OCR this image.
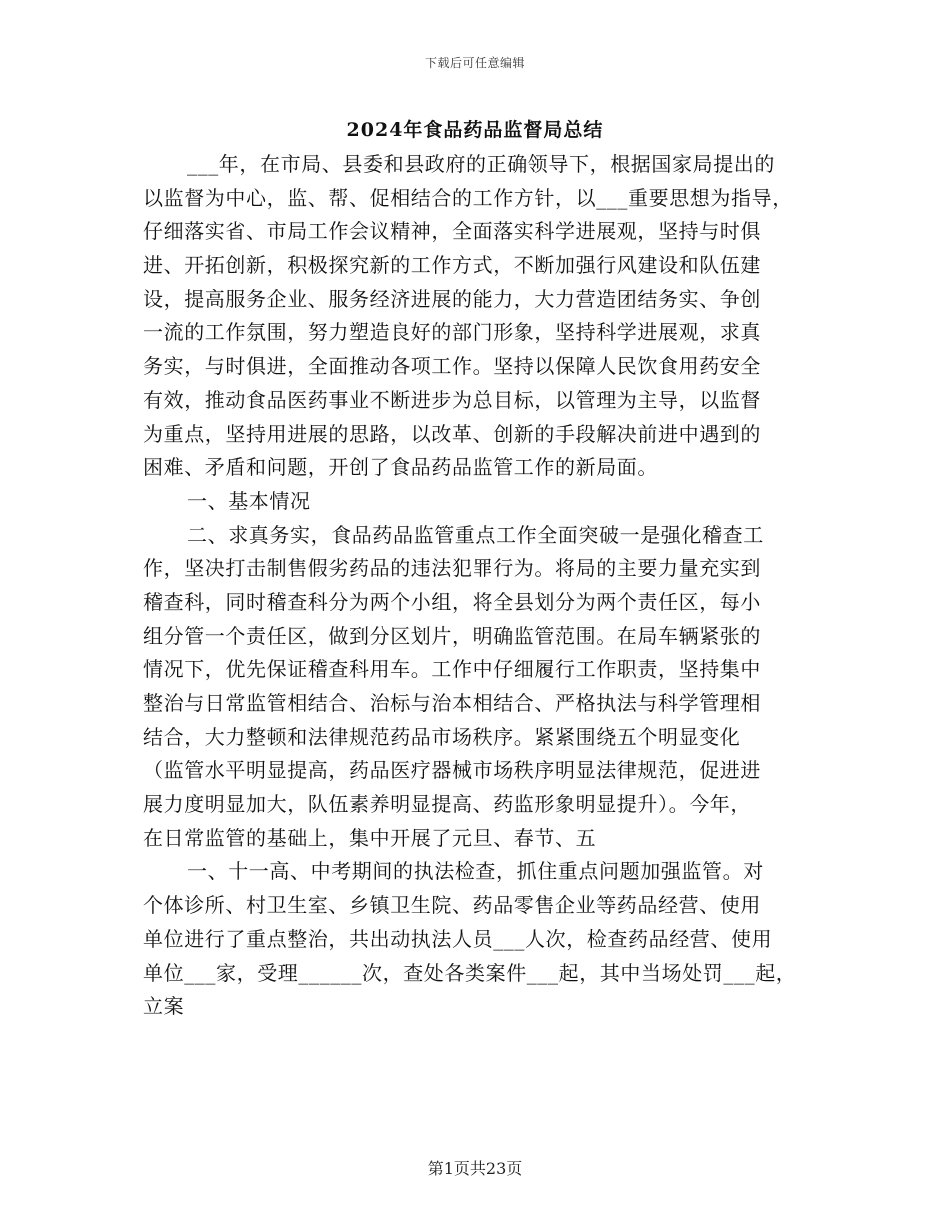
下载后可任意编辑
2024年食品药品监督局总结
___年，在市局、县委和县政府的正确领导下，根据国家局提出的
以监督为中心，监、帮、促相结合的工作方针，以___重要思想为指导，
仔细落实省、市局工作会议精神，全面落实科学进展观，坚持与时俱
进、开拓创新，积极探究新的工作方式，不断加强行风建设和队伍建
设，提高服务企业、服务经济进展的能力，大力营造团结务实、争创
一流的工作氛围，努力塑造良好的部门形象，坚持科学进展观，求真
务实，与时俱进，全面推动各项工作。坚持以保障人民饮食用药安全
有效，推动食品医药事业不断进步为总目标，以管理为主导，以监督
为重点，坚持用进展的思路，以改革、创新的手段解决前进中遇到的
困难、矛盾和问题，开创了食品药品监管工作的新局面。
一、基本情况
二、求真务实，食品药品监管重点工作全面突破一是强化稽查工
作，坚决打击制售假劣药品的违法犯罪行为。将局的主要力量充实到
稽查科，同时稽查科分为两个小组，将全县划分为两个责任区，每小
组分管一个责任区，做到分区划片，明确监管范围。在局车辆紧张的
情况下，优先保证稽查科用车。工作中仔细履行工作职责，坚持集中
整治与日常监管相结合、治标与治本相结合、严格执法与科学管理相
结合，大力整顿和法律规范药品市场秩序。紧紧围绕五个明显变化
（监管水平明显提高，药品医疗器械市场秩序明显法律规范，促进进
展力度明显加大，队伍素养明显提高、药监形象明显提升）。今年，
在日常监管的基础上，集中开展了元旦、春节、五
一、十一高、中考期间的执法检查，抓住重点问题加强监管。对
个体诊所、村卫生室、乡镇卫生院、药品零售企业等药品经营、使用
单位进行了重点整治，共出动执法人员___人次，检查药品经营、使用
单位___家，受理______次，查处各类案件___起，其中当场处罚___起，
立案
第1页共23页
